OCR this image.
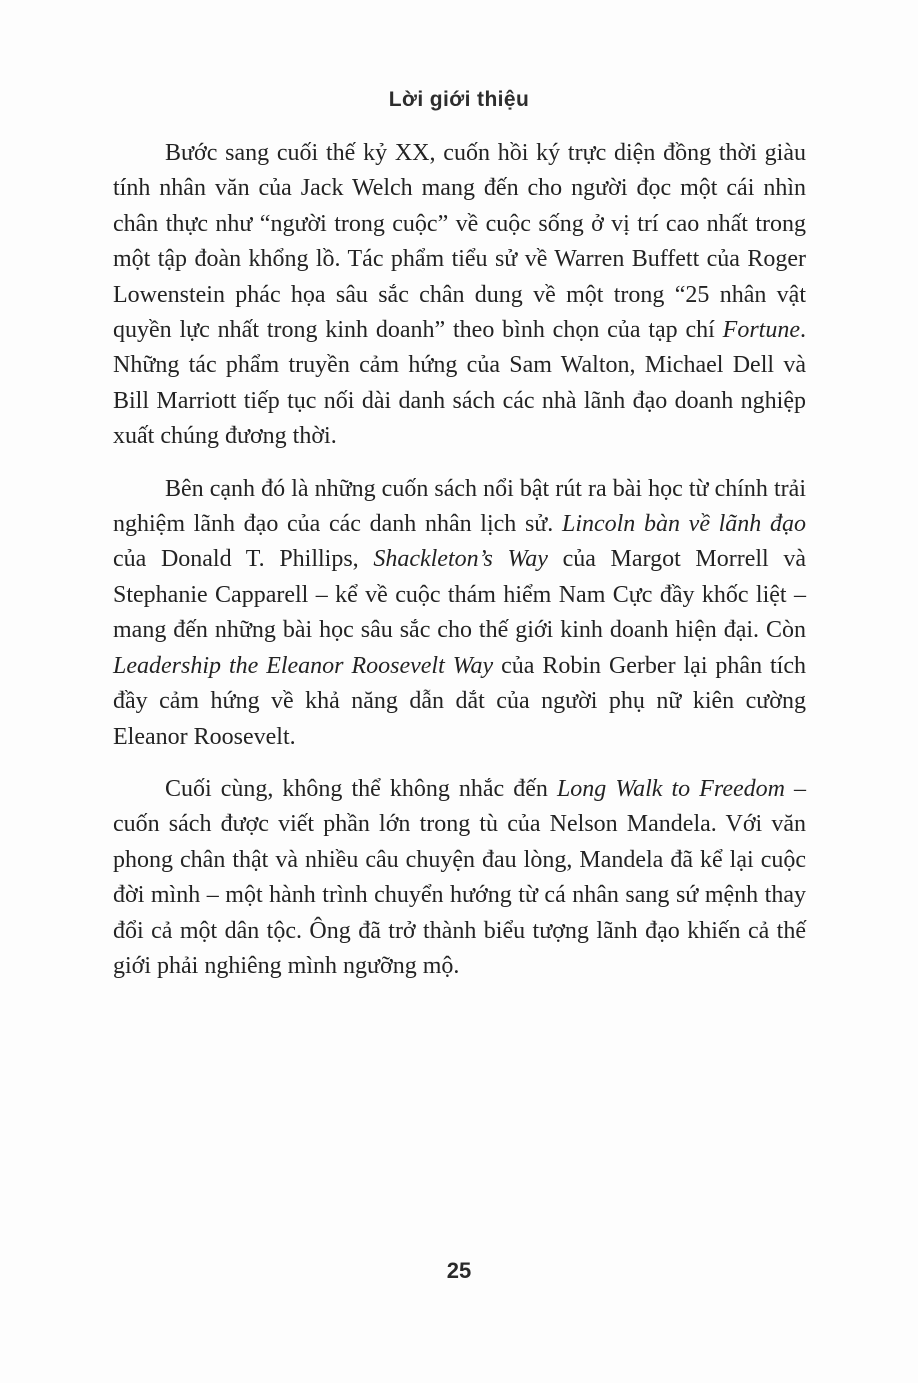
Lời giới thiệu

Bước sang cuối thế kỷ XX, cuốn hồi ký trực diện đồng thời giàu tính nhân văn của Jack Welch mang đến cho người đọc một cái nhìn chân thực như “người trong cuộc” về cuộc sống ở vị trí cao nhất trong một tập đoàn khổng lồ. Tác phẩm tiểu sử về Warren Buffett của Roger Lowenstein phác họa sâu sắc chân dung về một trong “25 nhân vật quyền lực nhất trong kinh doanh” theo bình chọn của tạp chí Fortune. Những tác phẩm truyền cảm hứng của Sam Walton, Michael Dell và Bill Marriott tiếp tục nối dài danh sách các nhà lãnh đạo doanh nghiệp xuất chúng đương thời.

Bên cạnh đó là những cuốn sách nổi bật rút ra bài học từ chính trải nghiệm lãnh đạo của các danh nhân lịch sử. Lincoln bàn về lãnh đạo của Donald T. Phillips, Shackleton’s Way của Margot Morrell và Stephanie Capparell – kể về cuộc thám hiểm Nam Cực đầy khốc liệt – mang đến những bài học sâu sắc cho thế giới kinh doanh hiện đại. Còn Leadership the Eleanor Roosevelt Way của Robin Gerber lại phân tích đầy cảm hứng về khả năng dẫn dắt của người phụ nữ kiên cường Eleanor Roosevelt.

Cuối cùng, không thể không nhắc đến Long Walk to Freedom – cuốn sách được viết phần lớn trong tù của Nelson Mandela. Với văn phong chân thật và nhiều câu chuyện đau lòng, Mandela đã kể lại cuộc đời mình – một hành trình chuyển hướng từ cá nhân sang sứ mệnh thay đổi cả một dân tộc. Ông đã trở thành biểu tượng lãnh đạo khiến cả thế giới phải nghiêng mình ngưỡng mộ.

25
